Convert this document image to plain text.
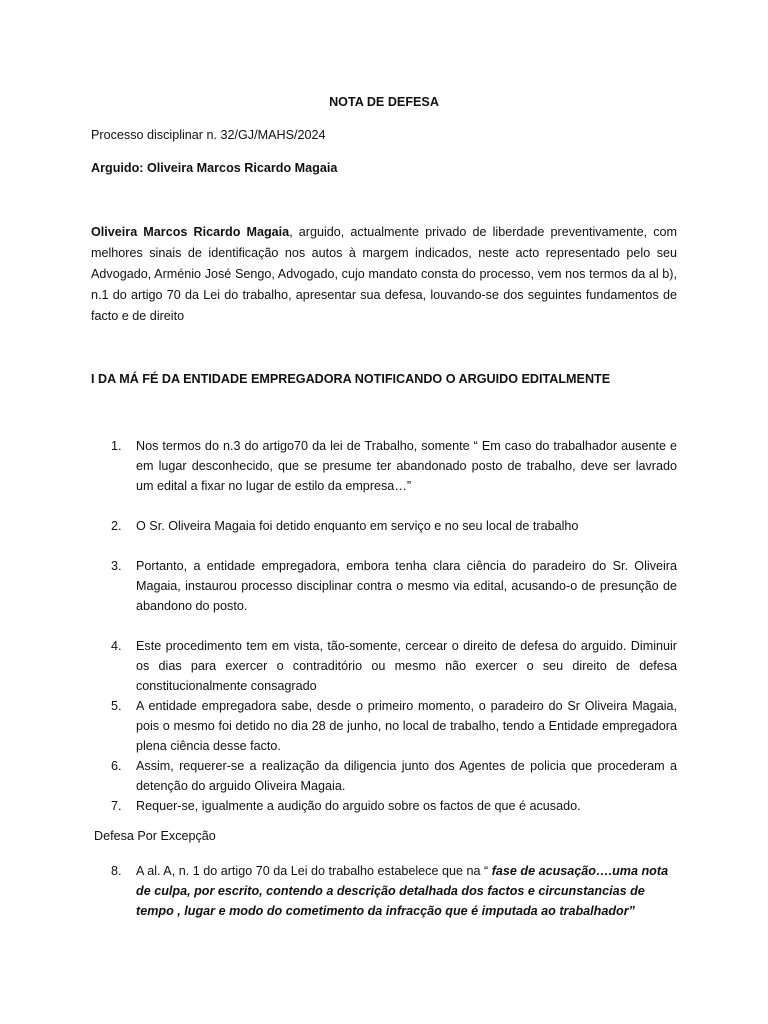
NOTA DE DEFESA
Processo disciplinar n. 32/GJ/MAHS/2024
Arguido: Oliveira Marcos Ricardo Magaia
Oliveira Marcos Ricardo Magaia, arguido, actualmente privado de liberdade preventivamente, com melhores sinais de identificação nos autos à margem indicados, neste acto representado pelo seu Advogado, Arménio José Sengo, Advogado, cujo mandato consta do processo, vem nos termos da al b), n.1 do artigo 70 da Lei do trabalho, apresentar sua defesa, louvando-se dos seguintes fundamentos de facto e de direito
I DA MÁ FÉ DA ENTIDADE EMPREGADORA NOTIFICANDO O ARGUIDO EDITALMENTE
1.	Nos termos do n.3 do artigo70 da lei de Trabalho, somente “ Em caso do trabalhador ausente e em lugar desconhecido, que se presume ter abandonado posto de trabalho, deve ser lavrado um edital a fixar no lugar de estilo da empresa…”
2.	O Sr. Oliveira Magaia foi detido enquanto em serviço e no seu local de trabalho
3.	Portanto, a entidade empregadora, embora tenha clara ciência do paradeiro do Sr. Oliveira Magaia, instaurou processo disciplinar contra o mesmo via edital, acusando-o de presunção de abandono do posto.
4.	Este procedimento tem em vista, tão-somente, cercear o direito de defesa do arguido. Diminuir os dias para exercer o contraditório ou mesmo não exercer o seu direito de defesa constitucionalmente consagrado
5.	A entidade empregadora sabe, desde o primeiro momento, o paradeiro do Sr Oliveira Magaia, pois o mesmo foi detido no dia 28 de junho, no local de trabalho, tendo a Entidade empregadora plena ciência desse facto.
6.	Assim, requerer-se a realização da diligencia junto dos Agentes de policia que procederam a detenção do arguido Oliveira Magaia.
7.	Requer-se, igualmente a audição do arguido sobre os factos de que é acusado.
Defesa Por Excepção
8.	A al. A, n. 1 do artigo 70 da Lei do trabalho estabelece que na “ fase de acusação….uma nota de culpa, por escrito, contendo a descrição detalhada dos factos e circunstancias de tempo , lugar e modo do cometimento da infracção que é imputada ao trabalhador”
